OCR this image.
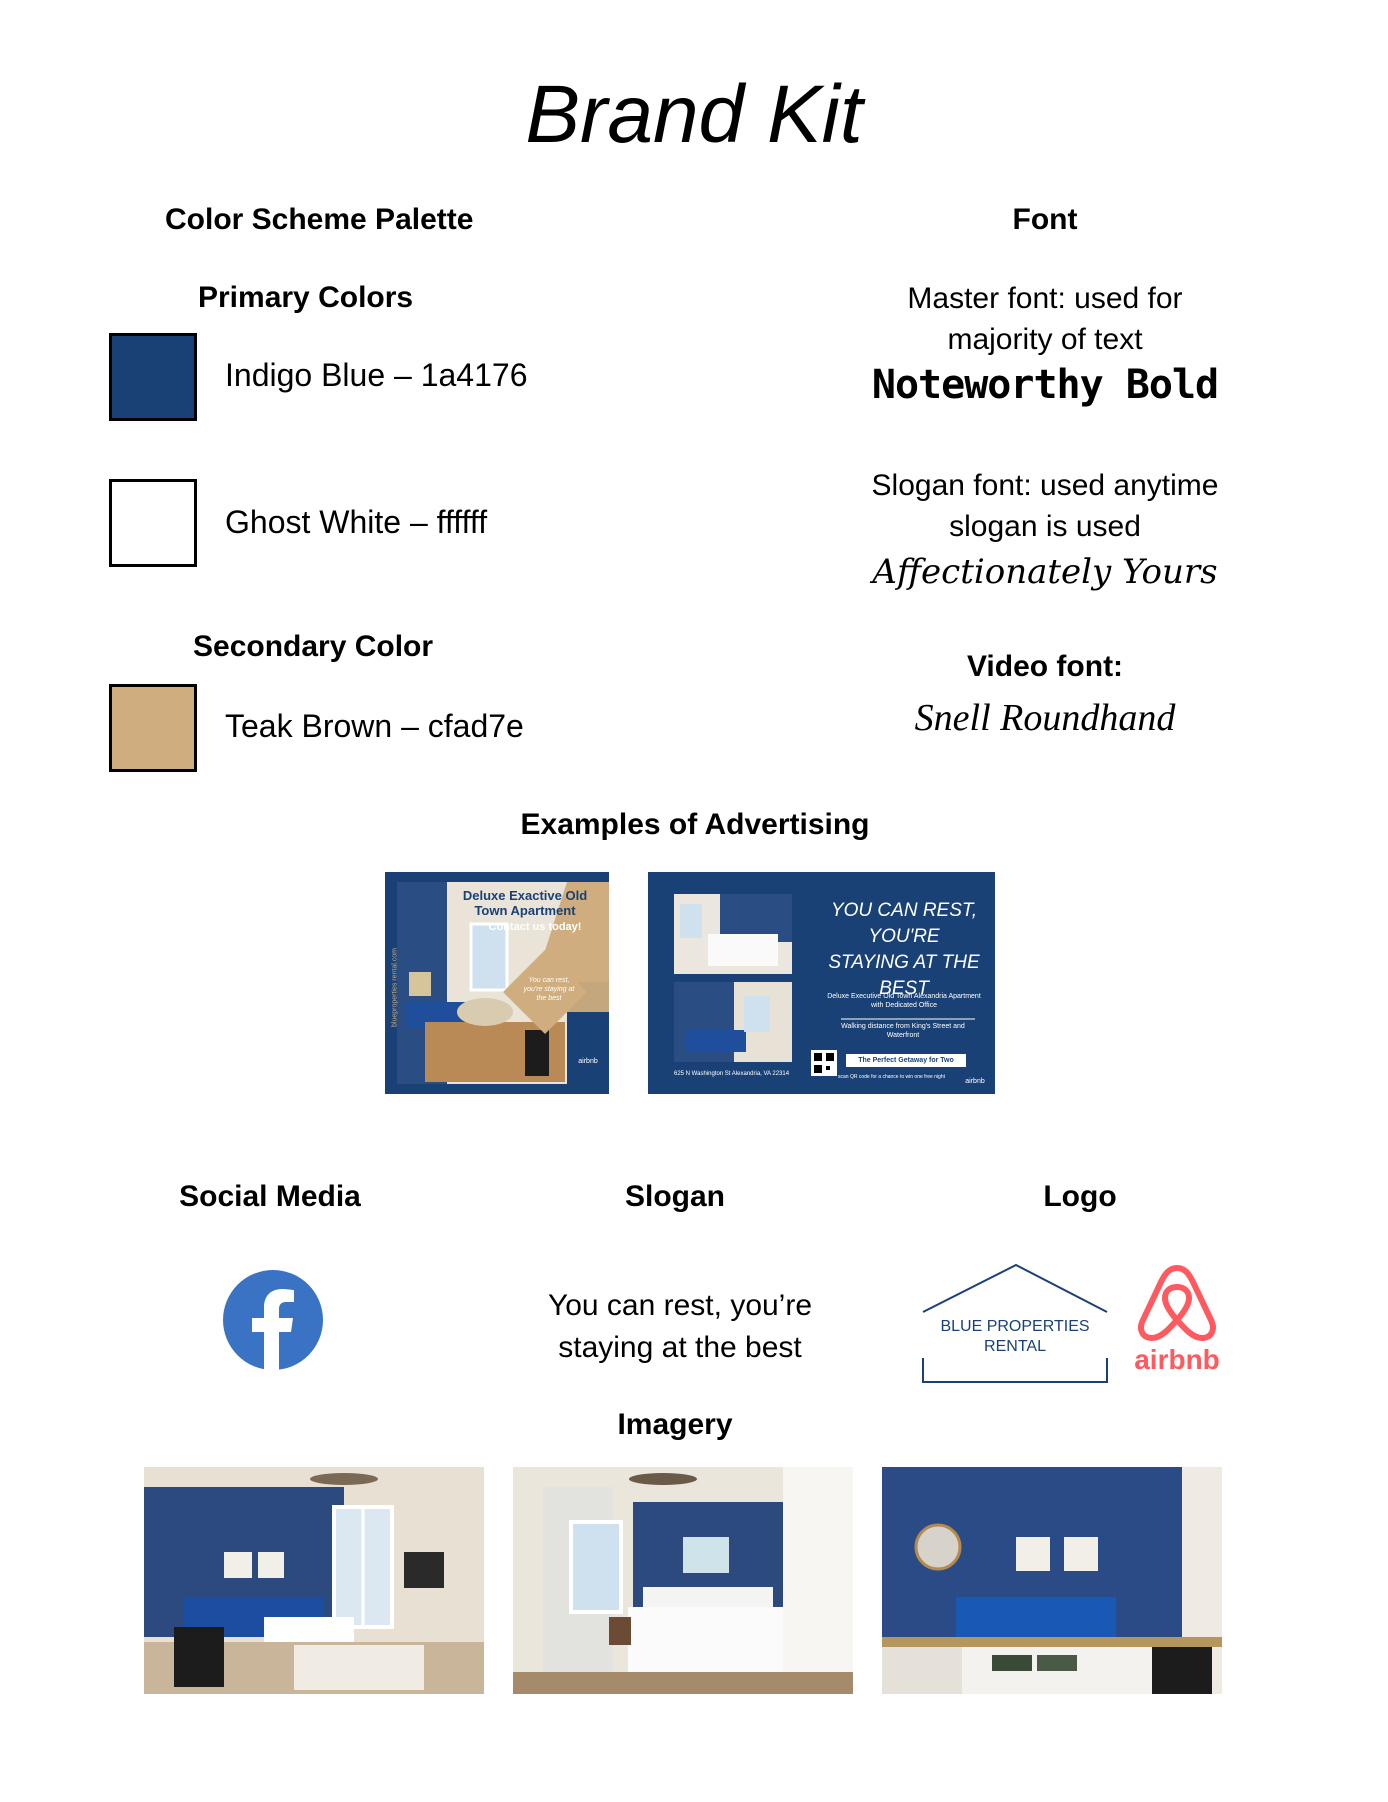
Brand Kit
Color Scheme Palette
Primary Colors
Indigo Blue – 1a4176
Ghost White – ffffff
Secondary Color
Teak Brown – cfad7e
Font
Master font: used for majority of text
Noteworthy Bold
Slogan font: used anytime slogan is used
Affectionately Yours
Video font:
Snell Roundhand
Examples of Advertising
Deluxe Exactive Old Town Apartment
Contact us today!
You can rest, you're staying at the best
blueproperties rental.com
airbnb
YOU CAN REST, YOU'RE STAYING AT THE BEST
Deluxe Executive Old Town Alexandria Apartment with Dedicated Office
Walking distance from King's Street and Waterfront
The Perfect Getaway for Two
625 N Washington St Alexandria, VA 22314	scan QR code for a chance to win one free night
airbnb
Social Media	Slogan	Logo
You can rest, you’re staying at the best
BLUE PROPERTIES
RENTAL	airbnb
Imagery
